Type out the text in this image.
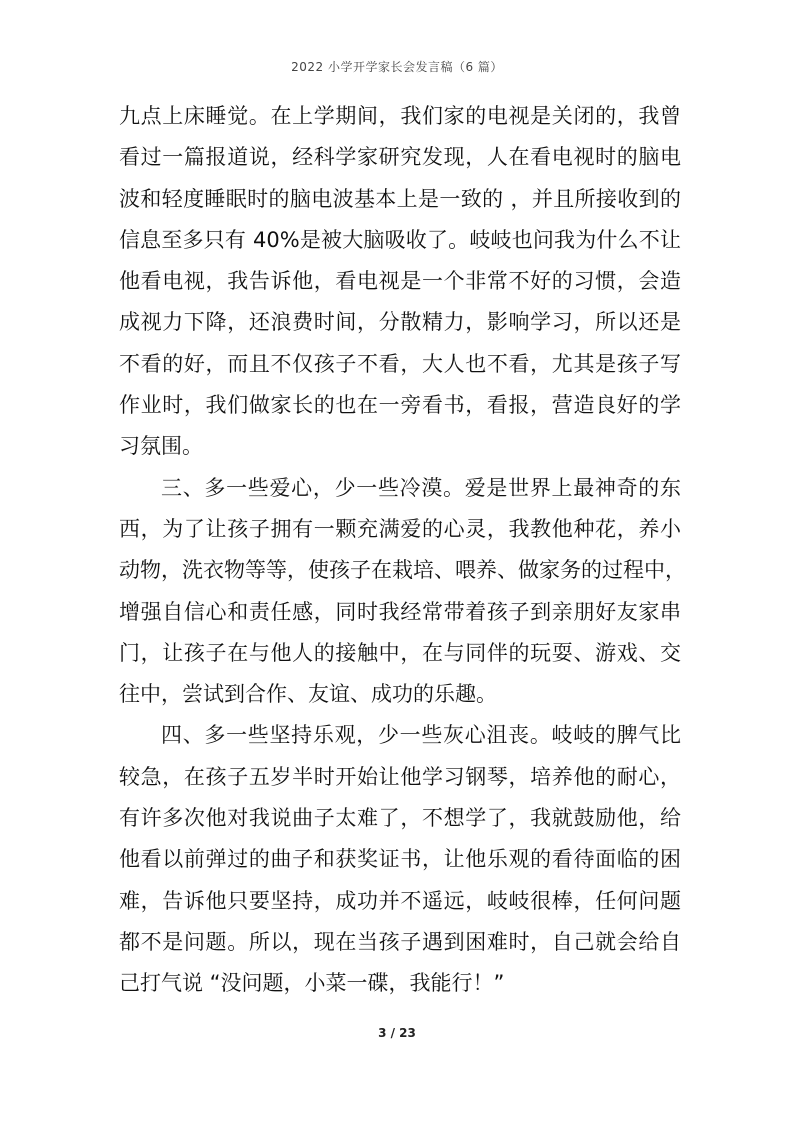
2022 小学开学家长会发言稿（6 篇）
九点上床睡觉。在上学期间，我们家的电视是关闭的，我曾
看过一篇报道说，经科学家研究发现，人在看电视时的脑电
波和轻度睡眠时的脑电波基本上是一致的 ，并且所接收到的
信息至多只有 40%是被大脑吸收了。岐岐也问我为什么不让
他看电视，我告诉他，看电视是一个非常不好的习惯，会造
成视力下降，还浪费时间，分散精力，影响学习，所以还是
不看的好，而且不仅孩子不看，大人也不看，尤其是孩子写
作业时，我们做家长的也在一旁看书，看报，营造良好的学
习氛围。
三、多一些爱心，少一些冷漠。爱是世界上最神奇的东
西，为了让孩子拥有一颗充满爱的心灵，我教他种花，养小
动物，洗衣物等等，使孩子在栽培、喂养、做家务的过程中，
增强自信心和责任感，同时我经常带着孩子到亲朋好友家串
门，让孩子在与他人的接触中，在与同伴的玩耍、游戏、交
往中，尝试到合作、友谊、成功的乐趣。
四、多一些坚持乐观，少一些灰心沮丧。岐岐的脾气比
较急，在孩子五岁半时开始让他学习钢琴，培养他的耐心，
有许多次他对我说曲子太难了，不想学了，我就鼓励他，给
他看以前弹过的曲子和获奖证书，让他乐观的看待面临的困
难，告诉他只要坚持，成功并不遥远，岐岐很棒，任何问题
都不是问题。所以，现在当孩子遇到困难时，自己就会给自
己打气说 “没问题，小菜一碟，我能行！”
3 / 23
